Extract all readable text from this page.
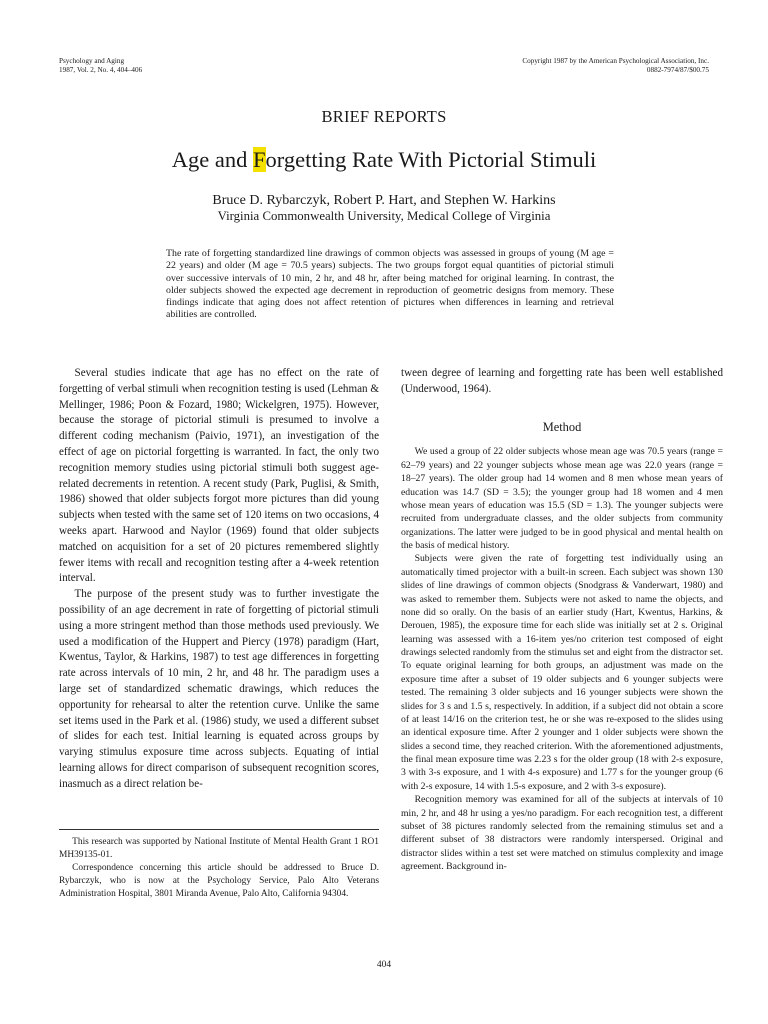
Psychology and Aging
1987, Vol. 2, No. 4, 404–406
Copyright 1987 by the American Psychological Association, Inc.
0882-7974/87/$00.75
BRIEF REPORTS
Age and Forgetting Rate With Pictorial Stimuli
Bruce D. Rybarczyk, Robert P. Hart, and Stephen W. Harkins
Virginia Commonwealth University, Medical College of Virginia
The rate of forgetting standardized line drawings of common objects was assessed in groups of young (M age = 22 years) and older (M age = 70.5 years) subjects. The two groups forgot equal quantities of pictorial stimuli over successive intervals of 10 min, 2 hr, and 48 hr, after being matched for original learning. In contrast, the older subjects showed the expected age decrement in reproduction of geometric designs from memory. These findings indicate that aging does not affect retention of pictures when differences in learning and retrieval abilities are controlled.

Several studies indicate that age has no effect on the rate of forgetting of verbal stimuli when recognition testing is used (Lehman & Mellinger, 1986; Poon & Fozard, 1980; Wickelgren, 1975). However, because the storage of pictorial stimuli is presumed to involve a different coding mechanism (Paivio, 1971), an investigation of the effect of age on pictorial forgetting is warranted. In fact, the only two recognition memory studies using pictorial stimuli both suggest age-related decrements in retention. A recent study (Park, Puglisi, & Smith, 1986) showed that older subjects forgot more pictures than did young subjects when tested with the same set of 120 items on two occasions, 4 weeks apart. Harwood and Naylor (1969) found that older subjects matched on acquisition for a set of 20 pictures remembered slightly fewer items with recall and recognition testing after a 4-week retention interval.

The purpose of the present study was to further investigate the possibility of an age decrement in rate of forgetting of pictorial stimuli using a more stringent method than those methods used previously. We used a modification of the Huppert and Piercy (1978) paradigm (Hart, Kwentus, Taylor, & Harkins, 1987) to test age differences in forgetting rate across intervals of 10 min, 2 hr, and 48 hr. The paradigm uses a large set of standardized schematic drawings, which reduces the opportunity for rehearsal to alter the retention curve. Unlike the same set items used in the Park et al. (1986) study, we used a different subset of slides for each test. Initial learning is equated across groups by varying stimulus exposure time across subjects. Equating of intial learning allows for direct comparison of subsequent recognition scores, inasmuch as a direct relation be-

This research was supported by National Institute of Mental Health Grant 1 RO1 MH39135-01.

Correspondence concerning this article should be addressed to Bruce D. Rybarczyk, who is now at the Psychology Service, Palo Alto Veterans Administration Hospital, 3801 Miranda Avenue, Palo Alto, California 94304.

tween degree of learning and forgetting rate has been well established (Underwood, 1964).

Method

We used a group of 22 older subjects whose mean age was 70.5 years (range = 62–79 years) and 22 younger subjects whose mean age was 22.0 years (range = 18–27 years). The older group had 14 women and 8 men whose mean years of education was 14.7 (SD = 3.5); the younger group had 18 women and 4 men whose mean years of education was 15.5 (SD = 1.3). The younger subjects were recruited from undergraduate classes, and the older subjects from community organizations. The latter were judged to be in good physical and mental health on the basis of medical history.

Subjects were given the rate of forgetting test individually using an automatically timed projector with a built-in screen. Each subject was shown 130 slides of line drawings of common objects (Snodgrass & Vanderwart, 1980) and was asked to remember them. Subjects were not asked to name the objects, and none did so orally. On the basis of an earlier study (Hart, Kwentus, Harkins, & Derouen, 1985), the exposure time for each slide was initially set at 2 s. Original learning was assessed with a 16-item yes/no criterion test composed of eight drawings selected randomly from the stimulus set and eight from the distractor set. To equate original learning for both groups, an adjustment was made on the exposure time after a subset of 19 older subjects and 6 younger subjects were tested. The remaining 3 older subjects and 16 younger subjects were shown the slides for 3 s and 1.5 s, respectively. In addition, if a subject did not obtain a score of at least 14/16 on the criterion test, he or she was re-exposed to the slides using an identical exposure time. After 2 younger and 1 older subjects were shown the slides a second time, they reached criterion. With the aforementioned adjustments, the final mean exposure time was 2.23 s for the older group (18 with 2-s exposure, 3 with 3-s exposure, and 1 with 4-s exposure) and 1.77 s for the younger group (6 with 2-s exposure, 14 with 1.5-s exposure, and 2 with 3-s exposure).

Recognition memory was examined for all of the subjects at intervals of 10 min, 2 hr, and 48 hr using a yes/no paradigm. For each recognition test, a different subset of 38 pictures randomly selected from the remaining stimulus set and a different subset of 38 distractors were randomly interspersed. Original and distractor slides within a test set were matched on stimulus complexity and image agreement. Background in-

404
